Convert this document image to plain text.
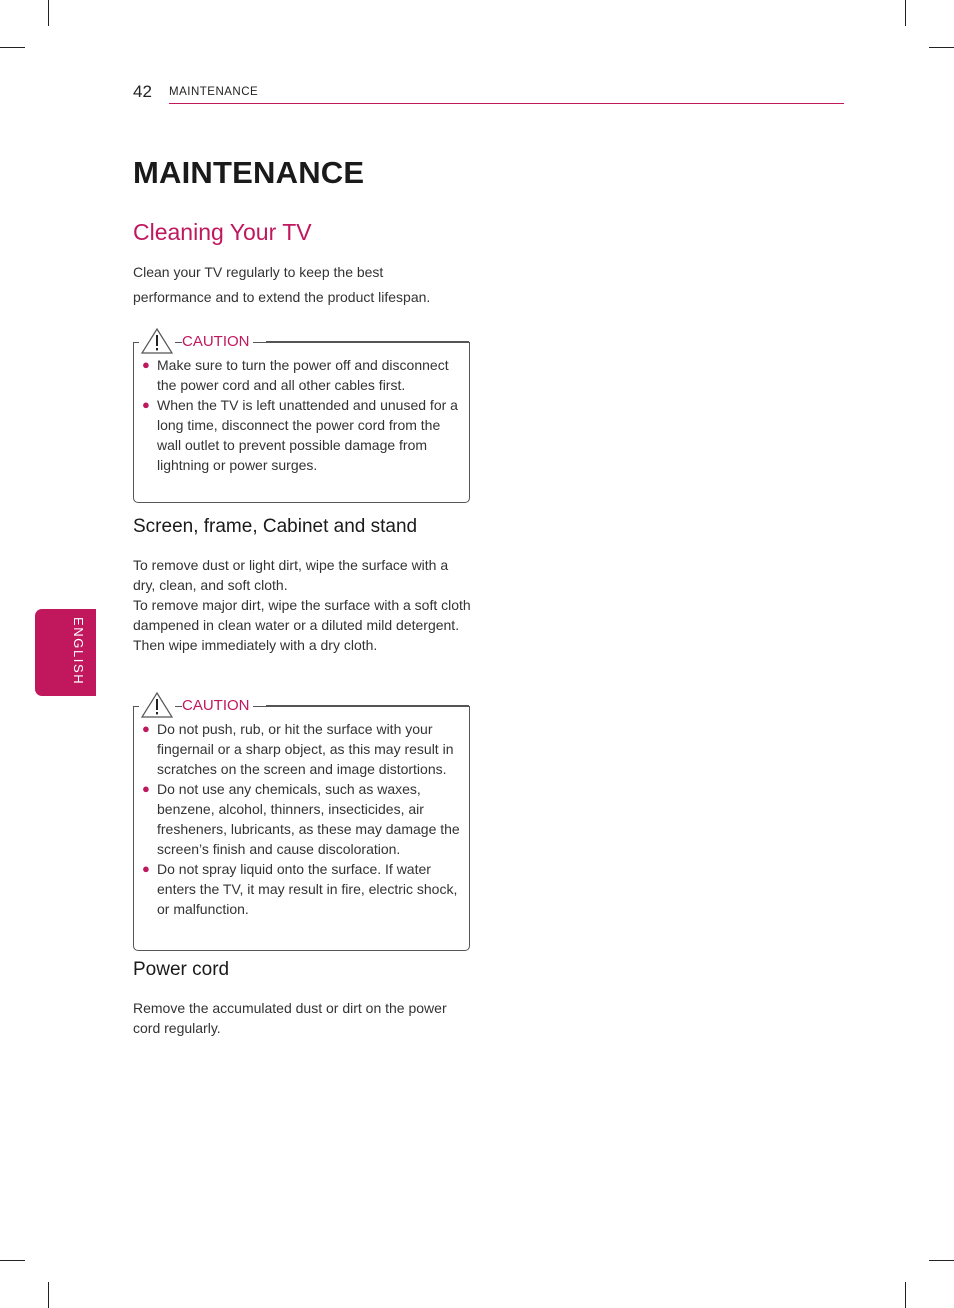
42 MAINTENANCE
ENGLISH
MAINTENANCE
Cleaning Your TV
Clean your TV regularly to keep the best
performance and to extend the product lifespan.
● Make sure to turn the power off and disconnect the power cord and all other cables first.
● When the TV is left unattended and unused for a long time, disconnect the power cord from the wall outlet to prevent possible damage from lightning or power surges.
CAUTION
Screen, frame, Cabinet and stand
To remove dust or light dirt, wipe the surface with a dry, clean, and soft cloth.
To remove major dirt, wipe the surface with a soft cloth dampened in clean water or a diluted mild detergent. Then wipe immediately with a dry cloth.
● Do not push, rub, or hit the surface with your fingernail or a sharp object, as this may result in scratches on the screen and image distortions.
● Do not use any chemicals, such as waxes, benzene, alcohol, thinners, insecticides, air fresheners, lubricants, as these may damage the screen’s finish and cause discoloration.
● Do not spray liquid onto the surface. If water enters the TV, it may result in fire, electric shock, or malfunction.
CAUTION
Power cord
Remove the accumulated dust or dirt on the power cord regularly.
